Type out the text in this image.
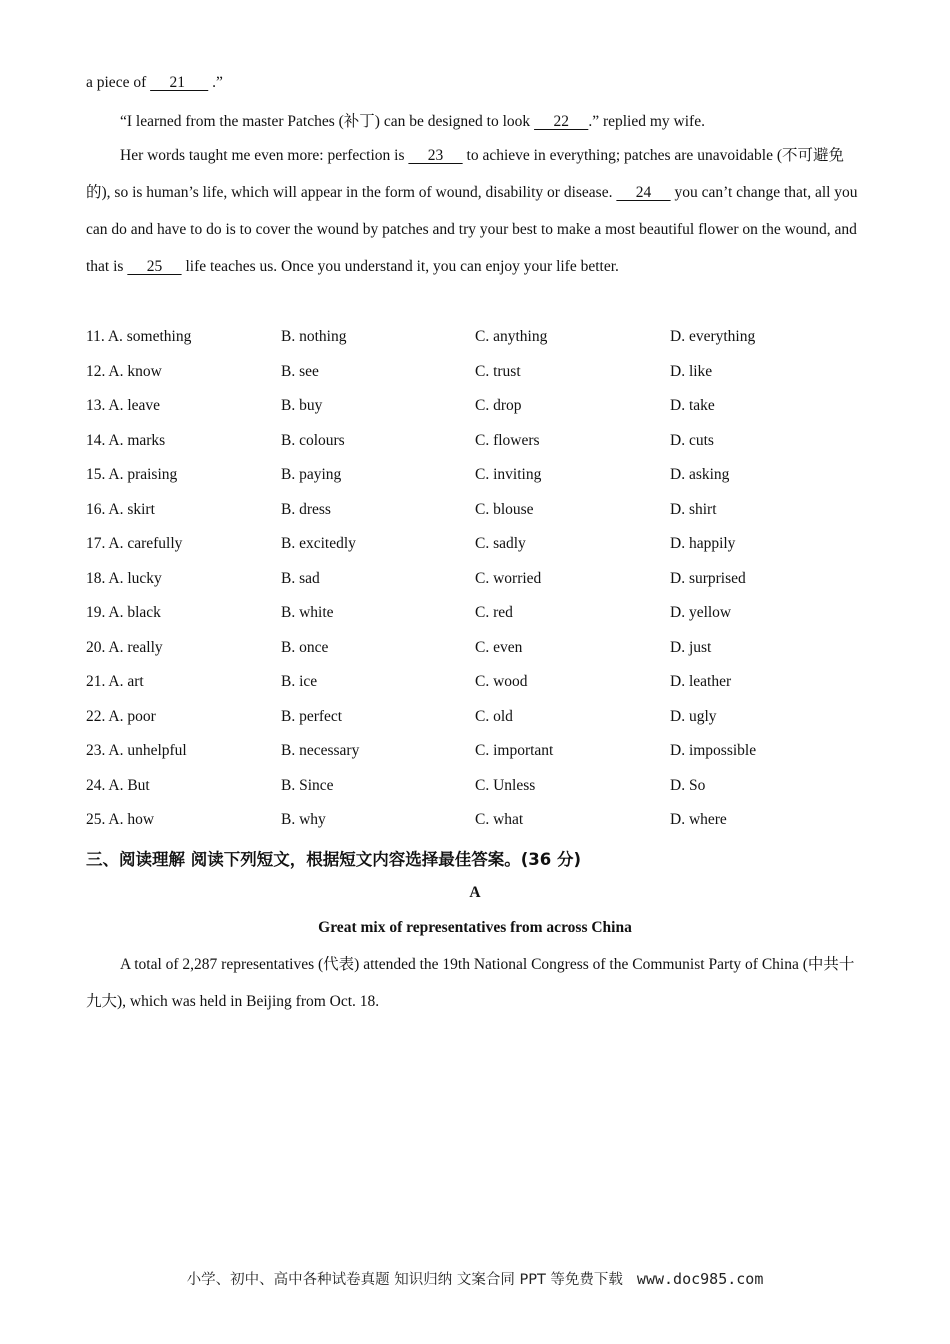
a piece of      21       .”
“I learned from the master Patches (补丁) can be designed to look      22     .” replied my wife.
Her words taught me even more: perfection is      23      to achieve in everything; patches are unavoidable (不可避免的), so is human’s life, which will appear in the form of wound, disability or disease.      24      you can’t change that, all you can do and have to do is to cover the wound by patches and try your best to make a most beautiful flower on the wound, and that is      25      life teaches us. Once you understand it, you can enjoy your life better.
11. A. something	B. nothing	C. anything	D. everything
12. A. know	B. see	C. trust	D. like
13. A. leave	B. buy	C. drop	D. take
14. A. marks	B. colours	C. flowers	D. cuts
15. A. praising	B. paying	C. inviting	D. asking
16. A. skirt	B. dress	C. blouse	D. shirt
17. A. carefully	B. excitedly	C. sadly	D. happily
18. A. lucky	B. sad	C. worried	D. surprised
19. A. black	B. white	C. red	D. yellow
20. A. really	B. once	C. even	D. just
21. A. art	B. ice	C. wood	D. leather
22. A. poor	B. perfect	C. old	D. ugly
23. A. unhelpful	B. necessary	C. important	D. impossible
24. A. But	B. Since	C. Unless	D. So
25. A. how	B. why	C. what	D. where
三、阅读理解 阅读下列短文，根据短文内容选择最佳答案。(36 分)
A
Great mix of representatives from across China
A total of 2,287 representatives (代表) attended the 19th National Congress of the Communist Party of China (中共十九大), which was held in Beijing from Oct. 18.
小学、初中、高中各种试卷真题 知识归纳 文案合同 PPT 等免费下载 www.doc985.com
